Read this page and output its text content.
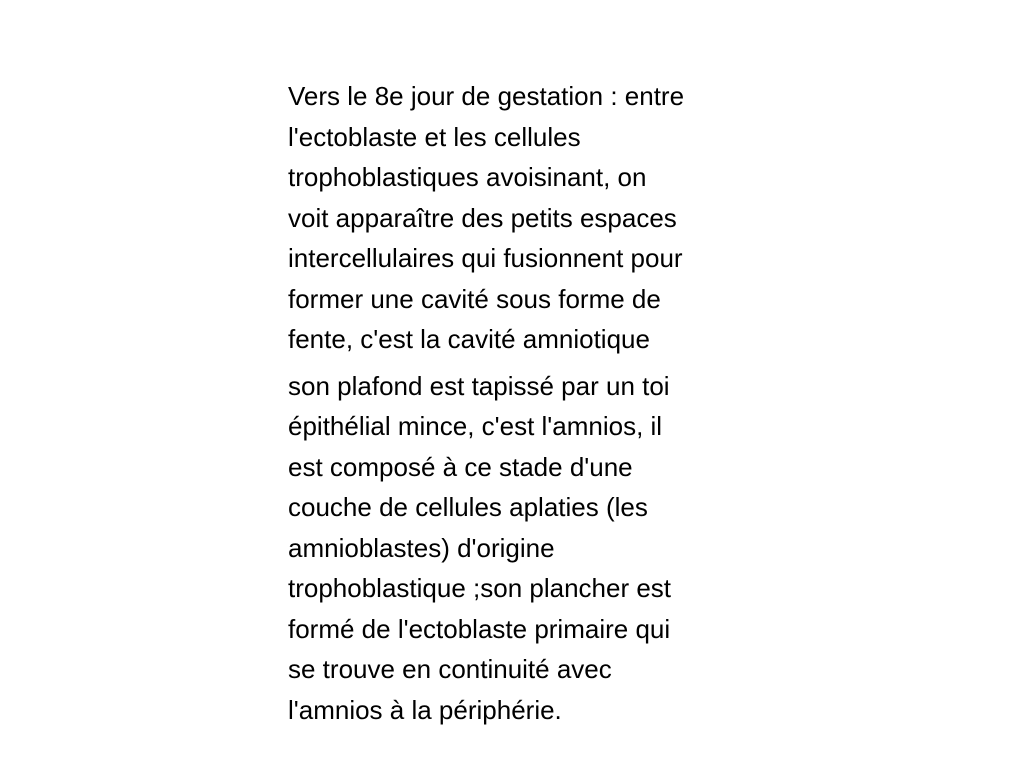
Vers le 8e jour de gestation : entre
l'ectoblaste et les cellules
trophoblastiques avoisinant, on
voit apparaître des petits espaces
intercellulaires qui fusionnent pour
former une cavité sous forme de
fente, c'est la cavité amniotique
son plafond est tapissé par un toi
épithélial mince, c'est l'amnios, il
est composé à ce stade d'une
couche de cellules aplaties (les
amnioblastes) d'origine
trophoblastique ;son plancher est
formé de l'ectoblaste primaire qui
se trouve en continuité avec
l'amnios à la périphérie.
